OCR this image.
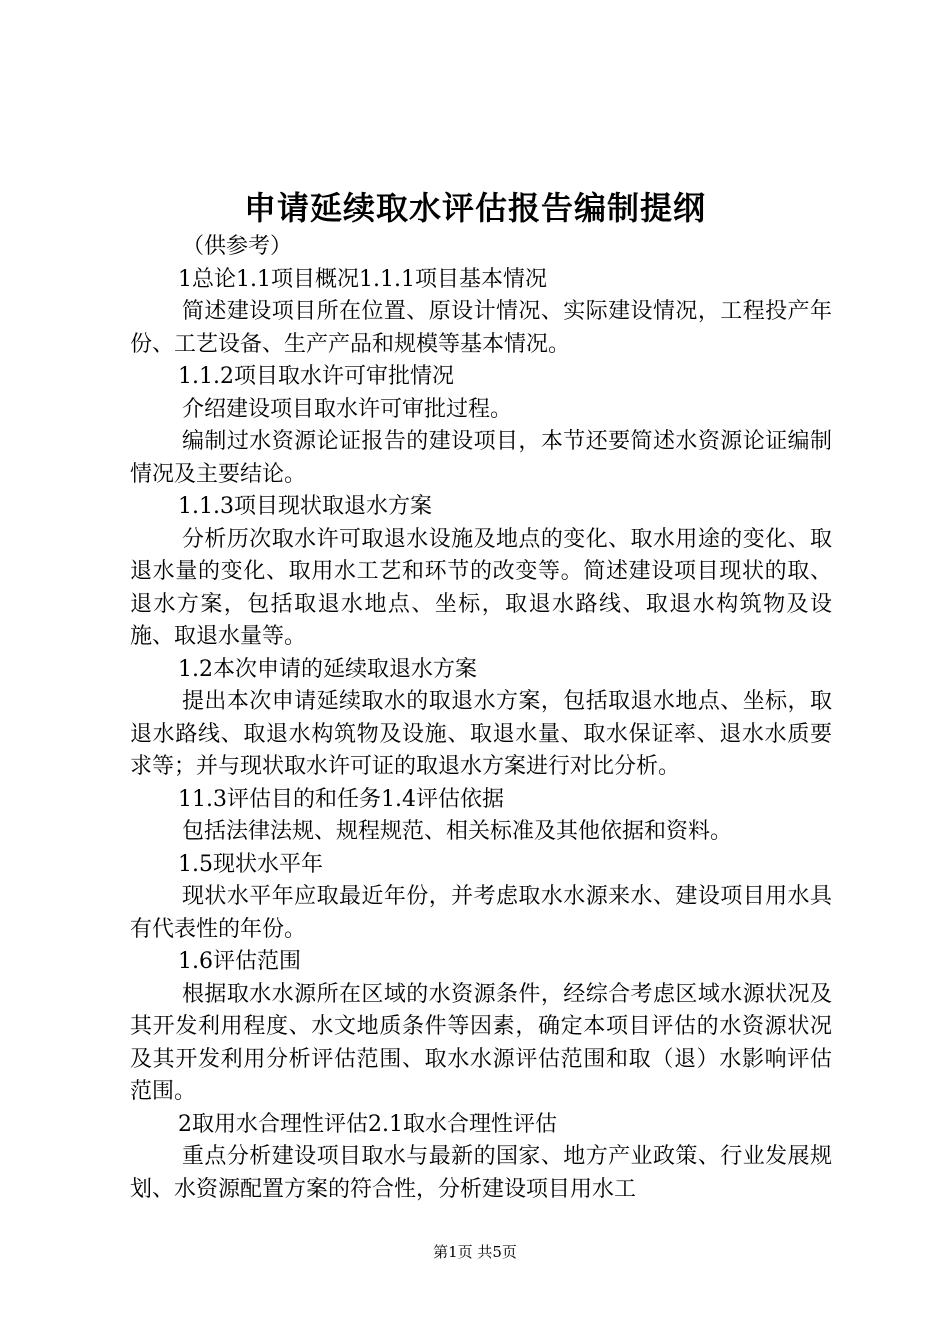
申请延续取水评估报告编制提纲
（供参考）
1总论1.1项目概况1.1.1项目基本情况
简述建设项目所在位置、原设计情况、实际建设情况，工程投产年份、工艺设备、生产产品和规模等基本情况。
1.1.2项目取水许可审批情况
介绍建设项目取水许可审批过程。
编制过水资源论证报告的建设项目，本节还要简述水资源论证编制情况及主要结论。
1.1.3项目现状取退水方案
分析历次取水许可取退水设施及地点的变化、取水用途的变化、取退水量的变化、取用水工艺和环节的改变等。简述建设项目现状的取、退水方案，包括取退水地点、坐标，取退水路线、取退水构筑物及设施、取退水量等。
1.2本次申请的延续取退水方案
提出本次申请延续取水的取退水方案，包括取退水地点、坐标，取退水路线、取退水构筑物及设施、取退水量、取水保证率、退水水质要求等；并与现状取水许可证的取退水方案进行对比分析。
11.3评估目的和任务1.4评估依据
包括法律法规、规程规范、相关标准及其他依据和资料。
1.5现状水平年
现状水平年应取最近年份，并考虑取水水源来水、建设项目用水具有代表性的年份。
1.6评估范围
根据取水水源所在区域的水资源条件，经综合考虑区域水源状况及其开发利用程度、水文地质条件等因素，确定本项目评估的水资源状况及其开发利用分析评估范围、取水水源评估范围和取（退）水影响评估范围。
2取用水合理性评估2.1取水合理性评估
重点分析建设项目取水与最新的国家、地方产业政策、行业发展规划、水资源配置方案的符合性，分析建设项目用水工
第1页 共5页
